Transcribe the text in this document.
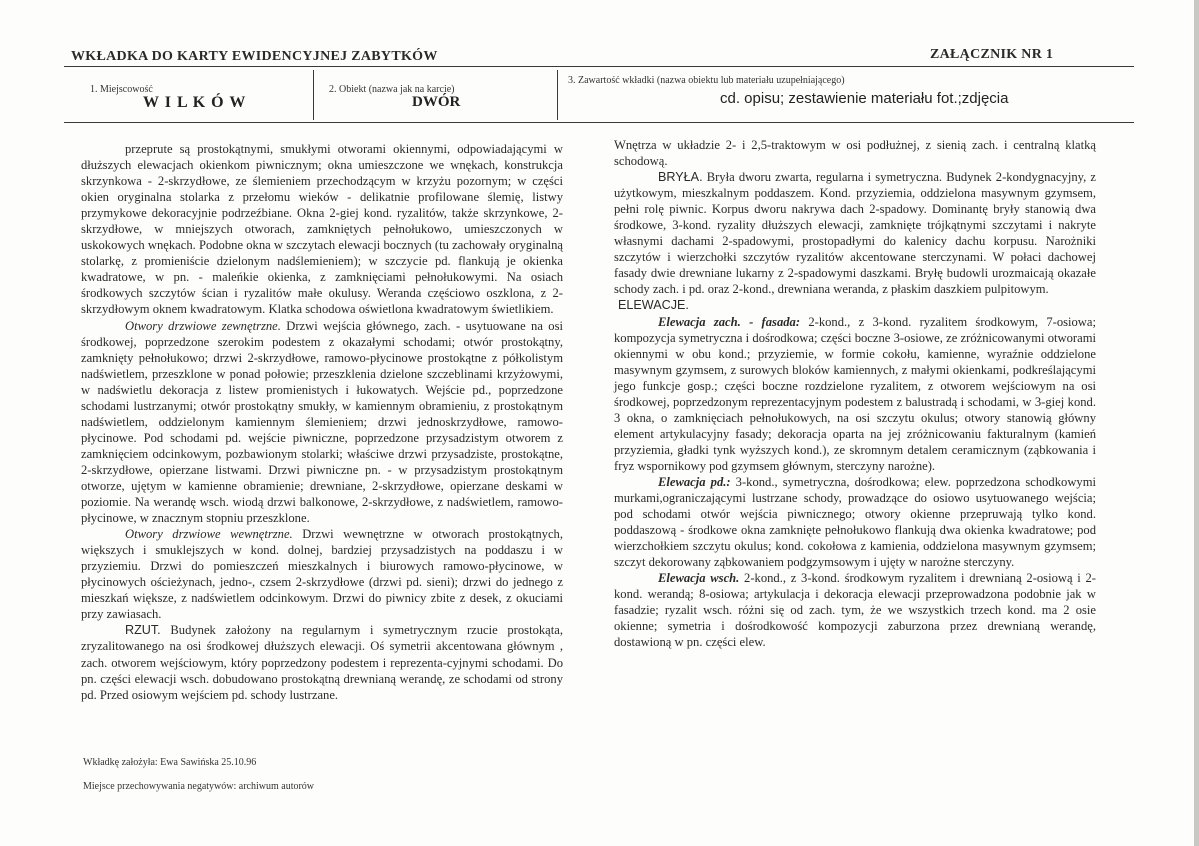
WKŁADKA DO KARTY EWIDENCYJNEJ ZABYTKÓW	ZAŁĄCZNIK NR 1
1. Miejscowość
W I L K Ó W
2. Obiekt (nazwa jak na karcie)
DWÓR
3. Zawartość wkładki (nazwa obiektu lub materiału uzupełniającego)
cd. opisu; zestawienie materiału fot.;zdjęcia

przeprute są prostokątnymi, smukłymi otworami okiennymi, odpowiadającymi w dłuższych elewacjach okienkom piwnicznym; okna umieszczone we wnękach, konstrukcja skrzynkowa - 2-skrzydłowe, ze ślemieniem przechodzącym w krzyżu pozornym; w części okien oryginalna stolarka z przełomu wieków - delikatnie profilowane ślemię, listwy przymykowe dekoracyjnie podrzeźbiane. Okna 2-giej kond. ryzalitów, także skrzynkowe, 2-skrzydłowe, w mniejszych otworach, zamkniętych pełnołukowo, umieszczonych w uskokowych wnękach. Podobne okna w szczytach elewacji bocznych (tu zachowały oryginalną stolarkę, z promieniście dzielonym nadślemieniem); w szczycie pd. flankują je okienka kwadratowe, w pn. - maleńkie okienka, z zamknięciami pełnołukowymi. Na osiach środkowych szczytów ścian i ryzalitów małe okulusy. Weranda częściowo oszklona, z 2-skrzydłowym oknem kwadratowym. Klatka schodowa oświetlona kwadratowym świetlikiem.

Otwory drzwiowe zewnętrzne. Drzwi wejścia głównego, zach. - usytuowane na osi środkowej, poprzedzone szerokim podestem z okazałymi schodami; otwór prostokątny, zamknięty pełnołukowo; drzwi 2-skrzydłowe, ramowo-płycinowe prostokątne z półkolistym nadświetlem, przeszklone w ponad połowie; przeszklenia dzielone szczeblinami krzyżowymi, w nadświetlu dekoracja z listew promienistych i łukowatych. Wejście pd., poprzedzone schodami lustrzanymi; otwór prostokątny smukły, w kamiennym obramieniu, z prostokątnym nadświetlem, oddzielonym kamiennym ślemieniem; drzwi jednoskrzydłowe, ramowo-płycinowe. Pod schodami pd. wejście piwniczne, poprzedzone przysadzistym otworem z zamknięciem odcinkowym, pozbawionym stolarki; właściwe drzwi przysadziste, prostokątne, 2-skrzydłowe, opierzane listwami. Drzwi piwniczne pn. - w przysadzistym prostokątnym otworze, ujętym w kamienne obramienie; drewniane, 2-skrzydłowe, opierzane deskami w poziomie. Na werandę wsch. wiodą drzwi balkonowe, 2-skrzydłowe, z nadświetlem, ramowo-płycinowe, w znacznym stopniu przeszklone.

Otwory drzwiowe wewnętrzne. Drzwi wewnętrzne w otworach prostokątnych, większych i smuklejszych w kond. dolnej, bardziej przysadzistych na poddaszu i w przyziemiu. Drzwi do pomieszczeń mieszkalnych i biurowych ramowo-płycinowe, w płycinowych ościeżynach, jedno-, czsem 2-skrzydłowe (drzwi pd. sieni); drzwi do jednego z mieszkań większe, z nadświetlem odcinkowym. Drzwi do piwnicy zbite z desek, z okuciami przy zawiasach.

RZUT. Budynek założony na regularnym i symetrycznym rzucie prostokąta, zryzalitowanego na osi środkowej dłuższych elewacji. Oś symetrii akcentowana głównym , zach. otworem wejściowym, który poprzedzony podestem i reprezenta-cyjnymi schodami. Do pn. części elewacji wsch. dobudowano prostokątną drewnianą werandę, ze schodami od strony pd. Przed osiowym wejściem pd. schody lustrzane.

Wnętrza w układzie 2- i 2,5-traktowym w osi podłużnej, z sienią zach. i centralną klatką schodową.

BRYŁA. Bryła dworu zwarta, regularna i symetryczna. Budynek 2-kondygnacyjny, z użytkowym, mieszkalnym poddaszem. Kond. przyziemia, oddzielona masywnym gzymsem, pełni rolę piwnic. Korpus dworu nakrywa dach 2-spadowy. Dominantę bryły stanowią dwa środkowe, 3-kond. ryzality dłuższych elewacji, zamknięte trójkątnymi szczytami i nakryte własnymi dachami 2-spadowymi, prostopadłymi do kalenicy dachu korpusu. Narożniki szczytów i wierzchołki szczytów ryzalitów akcentowane sterczynami. W połaci dachowej fasady dwie drewniane lukarny z 2-spadowymi daszkami. Bryłę budowli urozmaicają okazałe schody zach. i pd. oraz 2-kond., drewniana weranda, z płaskim daszkiem pulpitowym.

ELEWACJE.

Elewacja zach. - fasada: 2-kond., z 3-kond. ryzalitem środkowym, 7-osiowa; kompozycja symetryczna i dośrodkowa; części boczne 3-osiowe, ze zróżnicowanymi otworami okiennymi w obu kond.; przyziemie, w formie cokołu, kamienne, wyraźnie oddzielone masywnym gzymsem, z surowych bloków kamiennych, z małymi okienkami, podkreślającymi jego funkcje gosp.; części boczne rozdzielone ryzalitem, z otworem wejściowym na osi środkowej, poprzedzonym reprezentacyjnym podestem z balustradą i schodami, w 3-giej kond. 3 okna, o zamknięciach pełnołukowych, na osi szczytu okulus; otwory stanowią główny element artykulacyjny fasady; dekoracja oparta na jej zróżnicowaniu fakturalnym (kamień przyziemia, gładki tynk wyższych kond.), ze skromnym detalem ceramicznym (ząbkowania i fryz wspornikowy pod gzymsem głównym, sterczyny narożne).

Elewacja pd.: 3-kond., symetryczna, dośrodkowa; elew. poprzedzona schodkowymi murkami,ograniczającymi lustrzane schody, prowadzące do osiowo usytuowanego wejścia; pod schodami otwór wejścia piwnicznego; otwory okienne przepruwają tylko kond. poddaszową - środkowe okna zamknięte pełnołukowo flankują dwa okienka kwadratowe; pod wierzchołkiem szczytu okulus; kond. cokołowa z kamienia, oddzielona masywnym gzymsem; szczyt dekorowany ząbkowaniem podgzymsowym i ujęty w narożne sterczyny.

Elewacja wsch. 2-kond., z 3-kond. środkowym ryzalitem i drewnianą 2-osiową i 2-kond. werandą; 8-osiowa; artykulacja i dekoracja elewacji przeprowadzona podobnie jak w fasadzie; ryzalit wsch. różni się od zach. tym, że we wszystkich trzech kond. ma 2 osie okienne; symetria i dośrodkowość kompozycji zaburzona przez drewnianą werandę, dostawioną w pn. części elew.

Wkładkę założyła: Ewa Sawińska 25.10.96
Miejsce przechowywania negatywów: archiwum autorów
